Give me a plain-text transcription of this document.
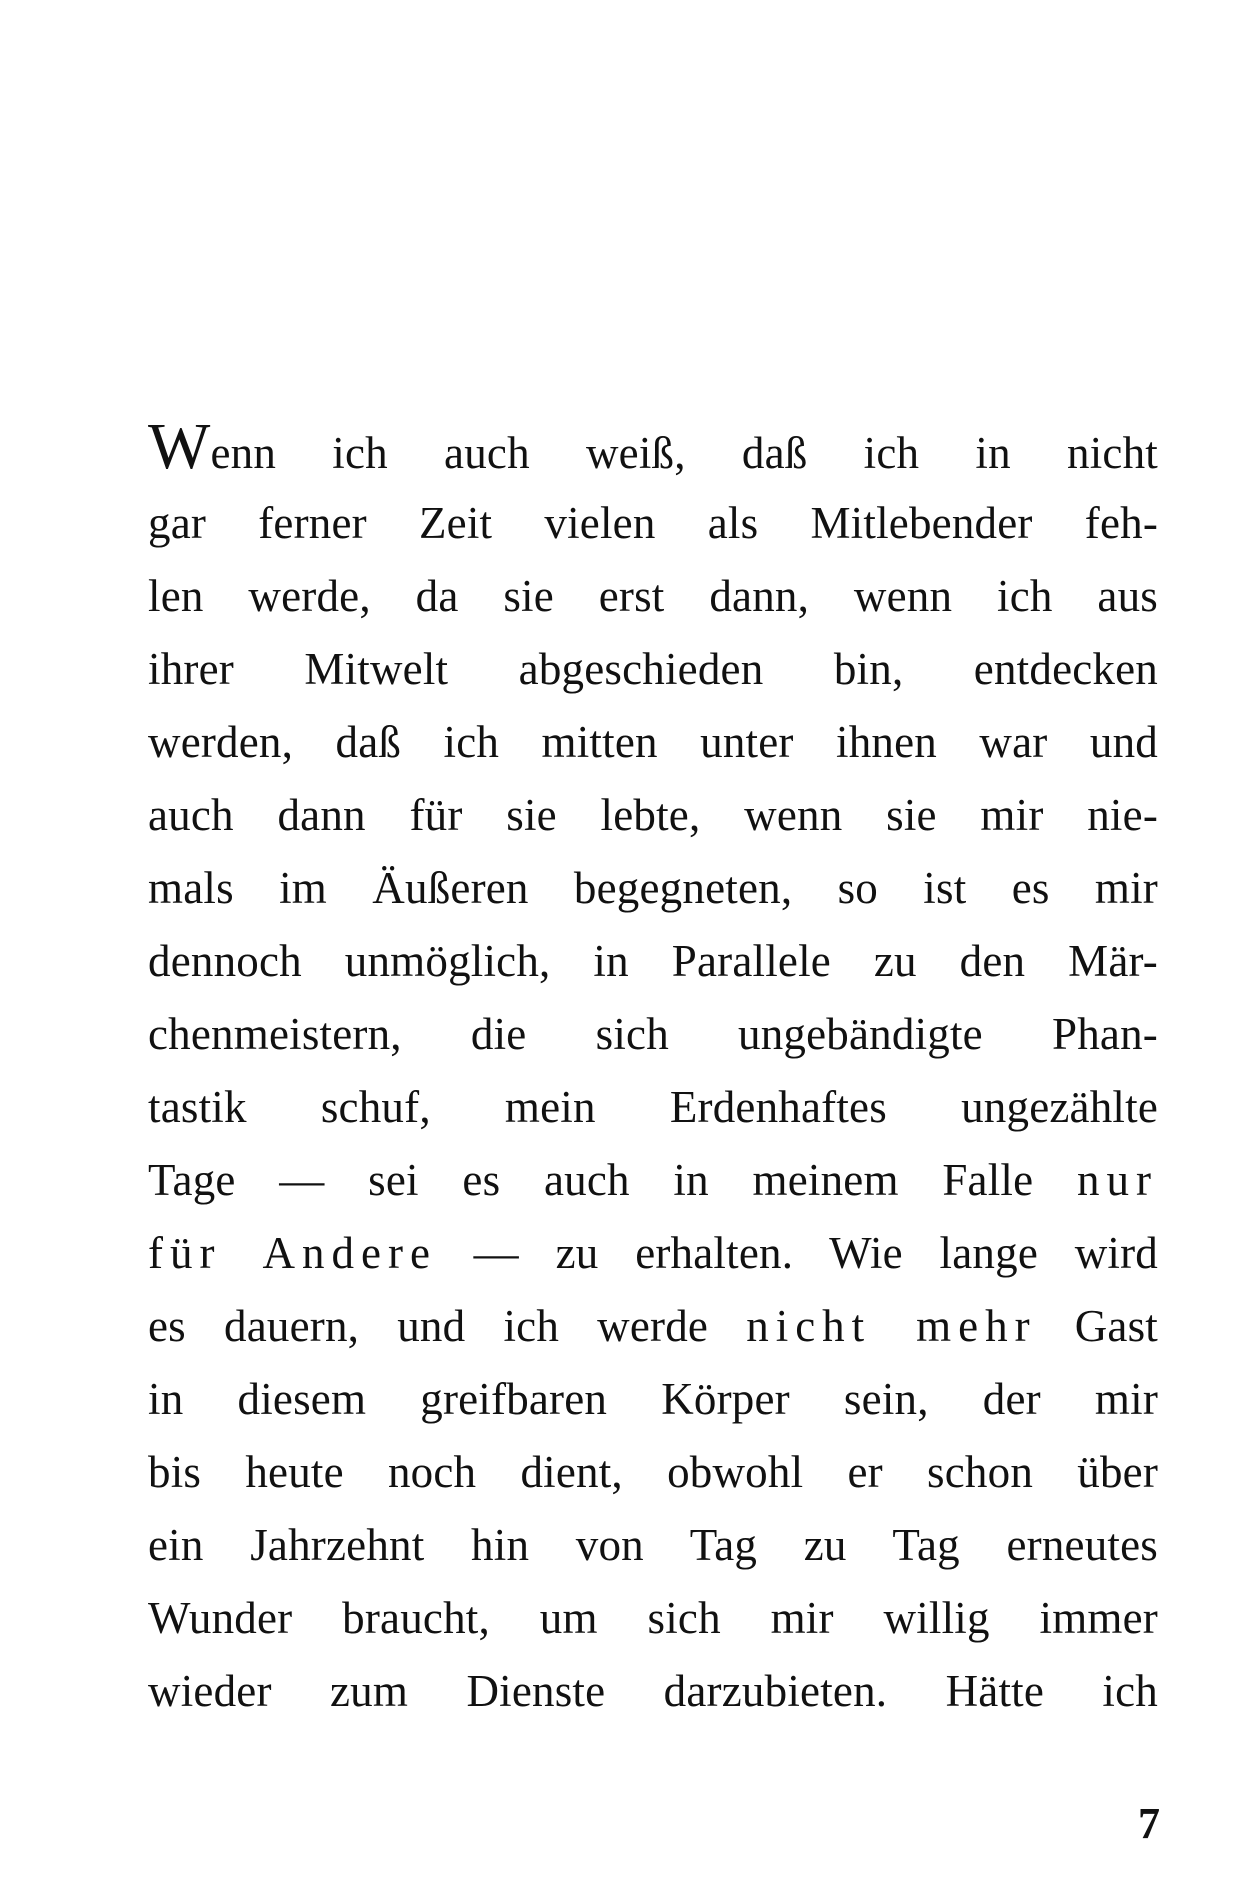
Wenn ich auch weiß, daß ich in nicht
gar ferner Zeit vielen als Mitlebender feh-
len werde, da sie erst dann, wenn ich aus
ihrer Mitwelt abgeschieden bin, entdecken
werden, daß ich mitten unter ihnen war und
auch dann für sie lebte, wenn sie mir nie-
mals im Äußeren begegneten, so ist es mir
dennoch unmöglich, in Parallele zu den Mär-
chenmeistern, die sich ungebändigte Phan-
tastik schuf, mein Erdenhaftes ungezählte
Tage — sei es auch in meinem Falle nur
für Andere — zu erhalten. Wie lange wird
es dauern, und ich werde nicht mehr Gast
in diesem greifbaren Körper sein, der mir
bis heute noch dient, obwohl er schon über
ein Jahrzehnt hin von Tag zu Tag erneutes
Wunder braucht, um sich mir willig immer
wieder zum Dienste darzubieten. Hätte ich
7
